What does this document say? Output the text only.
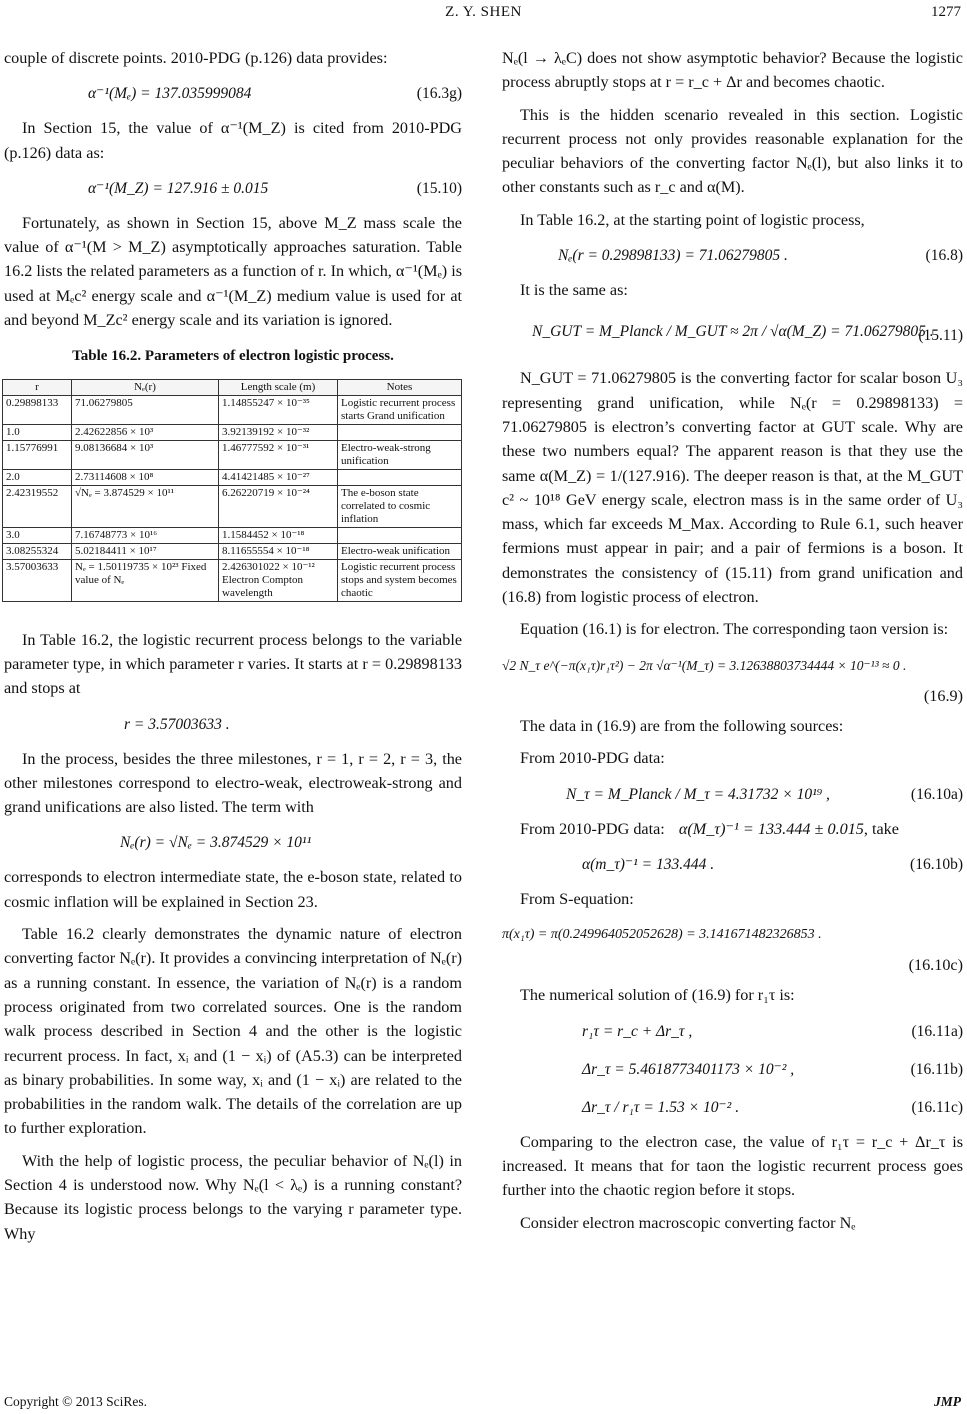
Z. Y. SHEN	1277

couple of discrete points. 2010-PDG (p.126) data provides:

α⁻¹(Mₑ) = 137.035999084	(16.3g)

In Section 15, the value of α⁻¹(M_Z) is cited from 2010-PDG (p.126) data as:

α⁻¹(M_Z) = 127.916 ± 0.015	(15.10)

Fortunately, as shown in Section 15, above M_Z mass scale the value of α⁻¹(M > M_Z) asymptotically approaches saturation. Table 16.2 lists the related parameters as a function of r. In which, α⁻¹(Mₑ) is used at Mₑc² energy scale and α⁻¹(M_Z) medium value is used for at and beyond M_Zc² energy scale and its variation is ignored.

Table 16.2. Parameters of electron logistic process.
r	Nₑ(r)	Length scale (m)	Notes
0.29898133	71.06279805	1.14855247 × 10⁻³⁵	Logistic recurrent process starts Grand unification
1.0	2.42622856 × 10³	3.92139192 × 10⁻³²	
1.15776991	9.08136684 × 10³	1.46777592 × 10⁻³¹	Electro-weak-strong unification
2.0	2.73114608 × 10⁸	4.41421485 × 10⁻²⁷	
2.42319552	√Nₑ = 3.874529 × 10¹¹	6.26220719 × 10⁻²⁴	The e-boson state correlated to cosmic inflation
3.0	7.16748773 × 10¹⁶	1.1584452 × 10⁻¹⁸	
3.08255324	5.02184411 × 10¹⁷	8.11655554 × 10⁻¹⁸	Electro-weak unification
3.57003633	Nₑ = 1.50119735 × 10²³ Fixed value of Nₑ	2.426301022 × 10⁻¹² Electron Compton wavelength	Logistic recurrent process stops and system becomes chaotic

In Table 16.2, the logistic recurrent process belongs to the variable parameter type, in which parameter r varies. It starts at r = 0.29898133 and stops at

r = 3.57003633 .

In the process, besides the three milestones, r = 1, r = 2, r = 3, the other milestones correspond to electro-weak, electroweak-strong and grand unifications are also listed. The term with

Nₑ(r) = √Nₑ = 3.874529 × 10¹¹

corresponds to electron intermediate state, the e-boson state, related to cosmic inflation will be explained in Section 23.

Table 16.2 clearly demonstrates the dynamic nature of electron converting factor Nₑ(r). It provides a convincing interpretation of Nₑ(r) as a running constant. In essence, the variation of Nₑ(r) is a random process originated from two correlated sources. One is the random walk process described in Section 4 and the other is the logistic recurrent process. In fact, xᵢ and (1 − xᵢ) of (A5.3) can be interpreted as binary probabilities. In some way, xᵢ and (1 − xᵢ) are related to the probabilities in the random walk. The details of the correlation are up to further exploration.

With the help of logistic process, the peculiar behavior of Nₑ(l) in Section 4 is understood now. Why Nₑ(l < λₑ) is a running constant? Because its logistic process belongs to the varying r parameter type. Why

Nₑ(l → λₑC) does not show asymptotic behavior? Because the logistic process abruptly stops at r = r_c + Δr and becomes chaotic.

This is the hidden scenario revealed in this section. Logistic recurrent process not only provides reasonable explanation for the peculiar behaviors of the converting factor Nₑ(l), but also links it to other constants such as r_c and α(M).

In Table 16.2, at the starting point of logistic process,

Nₑ(r = 0.29898133) = 71.06279805 .	(16.8)

It is the same as:

N_GUT = M_Planck / M_GUT ≈ 2π / √α(M_Z) = 71.06279805 .
(15.11)

N_GUT = 71.06279805 is the converting factor for scalar boson U₃ representing grand unification, while Nₑ(r = 0.29898133) = 71.06279805 is electron’s converting factor at GUT scale. Why are these two numbers equal? The apparent reason is that they use the same α(M_Z) = 1/(127.916). The deeper reason is that, at the M_GUT c² ~ 10¹⁸ GeV energy scale, electron mass is in the same order of U₃ mass, which far exceeds M_Max. According to Rule 6.1, such heaver fermions must appear in pair; and a pair of fermions is a boson. It demonstrates the consistency of (15.11) from grand unification and (16.8) from logistic process of electron.

Equation (16.1) is for electron. The corresponding taon version is:

√2 N_τ e^(−π(x₁τ)r₁τ²) − 2π √α⁻¹(M_τ) = 3.12638803734444 × 10⁻¹³ ≈ 0 .
(16.9)

The data in (16.9) are from the following sources:

From 2010-PDG data:

N_τ = M_Planck / M_τ = 4.31732 × 10¹⁹ ,	(16.10a)

From 2010-PDG data: α(M_τ)⁻¹ = 133.444 ± 0.015, take

α(m_τ)⁻¹ = 133.444 .	(16.10b)

From S-equation:

π(x₁τ) = π(0.249964052052628) = 3.141671482326853 .
(16.10c)

The numerical solution of (16.9) for r₁τ is:

r₁τ = r_c + Δr_τ ,	(16.11a)
Δr_τ = 5.4618773401173 × 10⁻² ,	(16.11b)
Δr_τ / r₁τ = 1.53 × 10⁻² .	(16.11c)

Comparing to the electron case, the value of r₁τ = r_c + Δr_τ is increased. It means that for taon the logistic recurrent process goes further into the chaotic region before it stops.

Consider electron macroscopic converting factor Nₑ

Copyright © 2013 SciRes.	JMP
